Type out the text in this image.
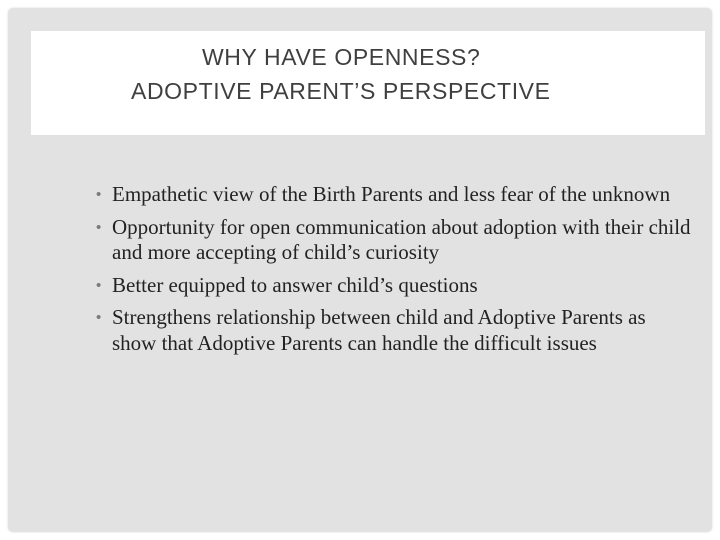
WHY HAVE OPENNESS?
ADOPTIVE PARENT’S PERSPECTIVE
• Empathetic view of the Birth Parents and less fear of the unknown
• Opportunity for open communication about adoption with their child and more accepting of child’s curiosity
• Better equipped to answer child’s questions
• Strengthens relationship between child and Adoptive Parents as show that Adoptive Parents can handle the difficult issues
